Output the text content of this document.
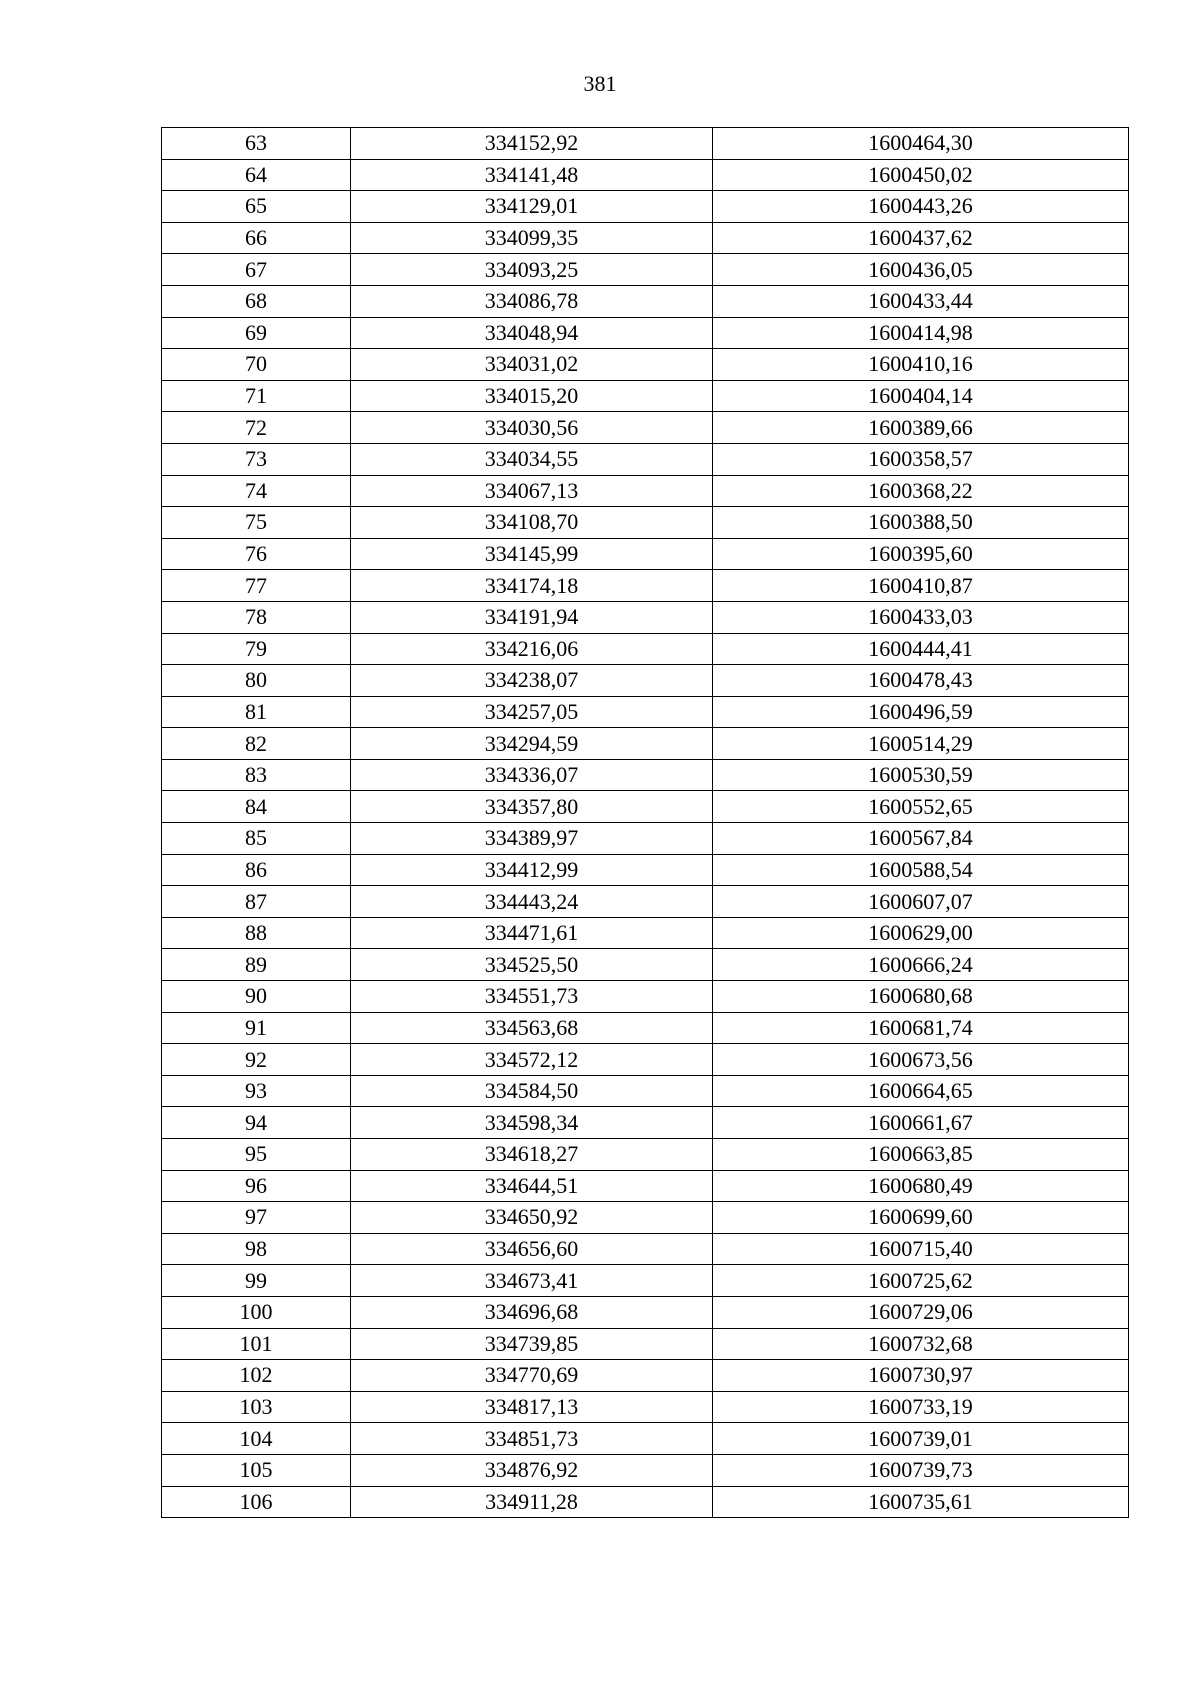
381
63	334152,92	1600464,30
64	334141,48	1600450,02
65	334129,01	1600443,26
66	334099,35	1600437,62
67	334093,25	1600436,05
68	334086,78	1600433,44
69	334048,94	1600414,98
70	334031,02	1600410,16
71	334015,20	1600404,14
72	334030,56	1600389,66
73	334034,55	1600358,57
74	334067,13	1600368,22
75	334108,70	1600388,50
76	334145,99	1600395,60
77	334174,18	1600410,87
78	334191,94	1600433,03
79	334216,06	1600444,41
80	334238,07	1600478,43
81	334257,05	1600496,59
82	334294,59	1600514,29
83	334336,07	1600530,59
84	334357,80	1600552,65
85	334389,97	1600567,84
86	334412,99	1600588,54
87	334443,24	1600607,07
88	334471,61	1600629,00
89	334525,50	1600666,24
90	334551,73	1600680,68
91	334563,68	1600681,74
92	334572,12	1600673,56
93	334584,50	1600664,65
94	334598,34	1600661,67
95	334618,27	1600663,85
96	334644,51	1600680,49
97	334650,92	1600699,60
98	334656,60	1600715,40
99	334673,41	1600725,62
100	334696,68	1600729,06
101	334739,85	1600732,68
102	334770,69	1600730,97
103	334817,13	1600733,19
104	334851,73	1600739,01
105	334876,92	1600739,73
106	334911,28	1600735,61
